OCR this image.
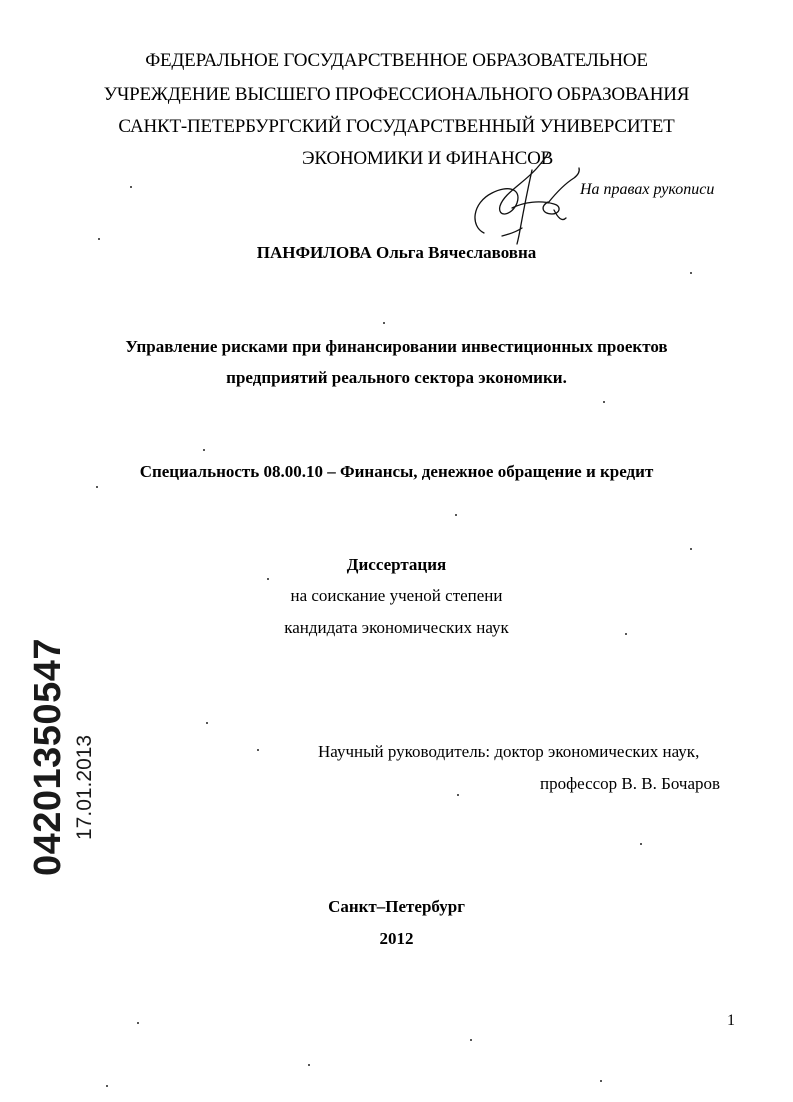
ФЕДЕРАЛЬНОЕ ГОСУДАРСТВЕННОЕ ОБРАЗОВАТЕЛЬНОЕ
УЧРЕЖДЕНИЕ ВЫСШЕГО ПРОФЕССИОНАЛЬНОГО ОБРАЗОВАНИЯ
САНКТ-ПЕТЕРБУРГСКИЙ ГОСУДАРСТВЕННЫЙ УНИВЕРСИТЕТ
ЭКОНОМИКИ И ФИНАНСОВ
На правах рукописи
ПАНФИЛОВА Ольга Вячеславовна
Управление рисками при финансировании инвестиционных проектов
предприятий реального сектора экономики.
Специальность 08.00.10 – Финансы, денежное обращение и кредит
Диссертация
на соискание ученой степени
кандидата экономических наук
Научный руководитель: доктор экономических наук,
профессор В. В. Бочаров
Санкт–Петербург
2012
1
04201350547 17.01.2013
